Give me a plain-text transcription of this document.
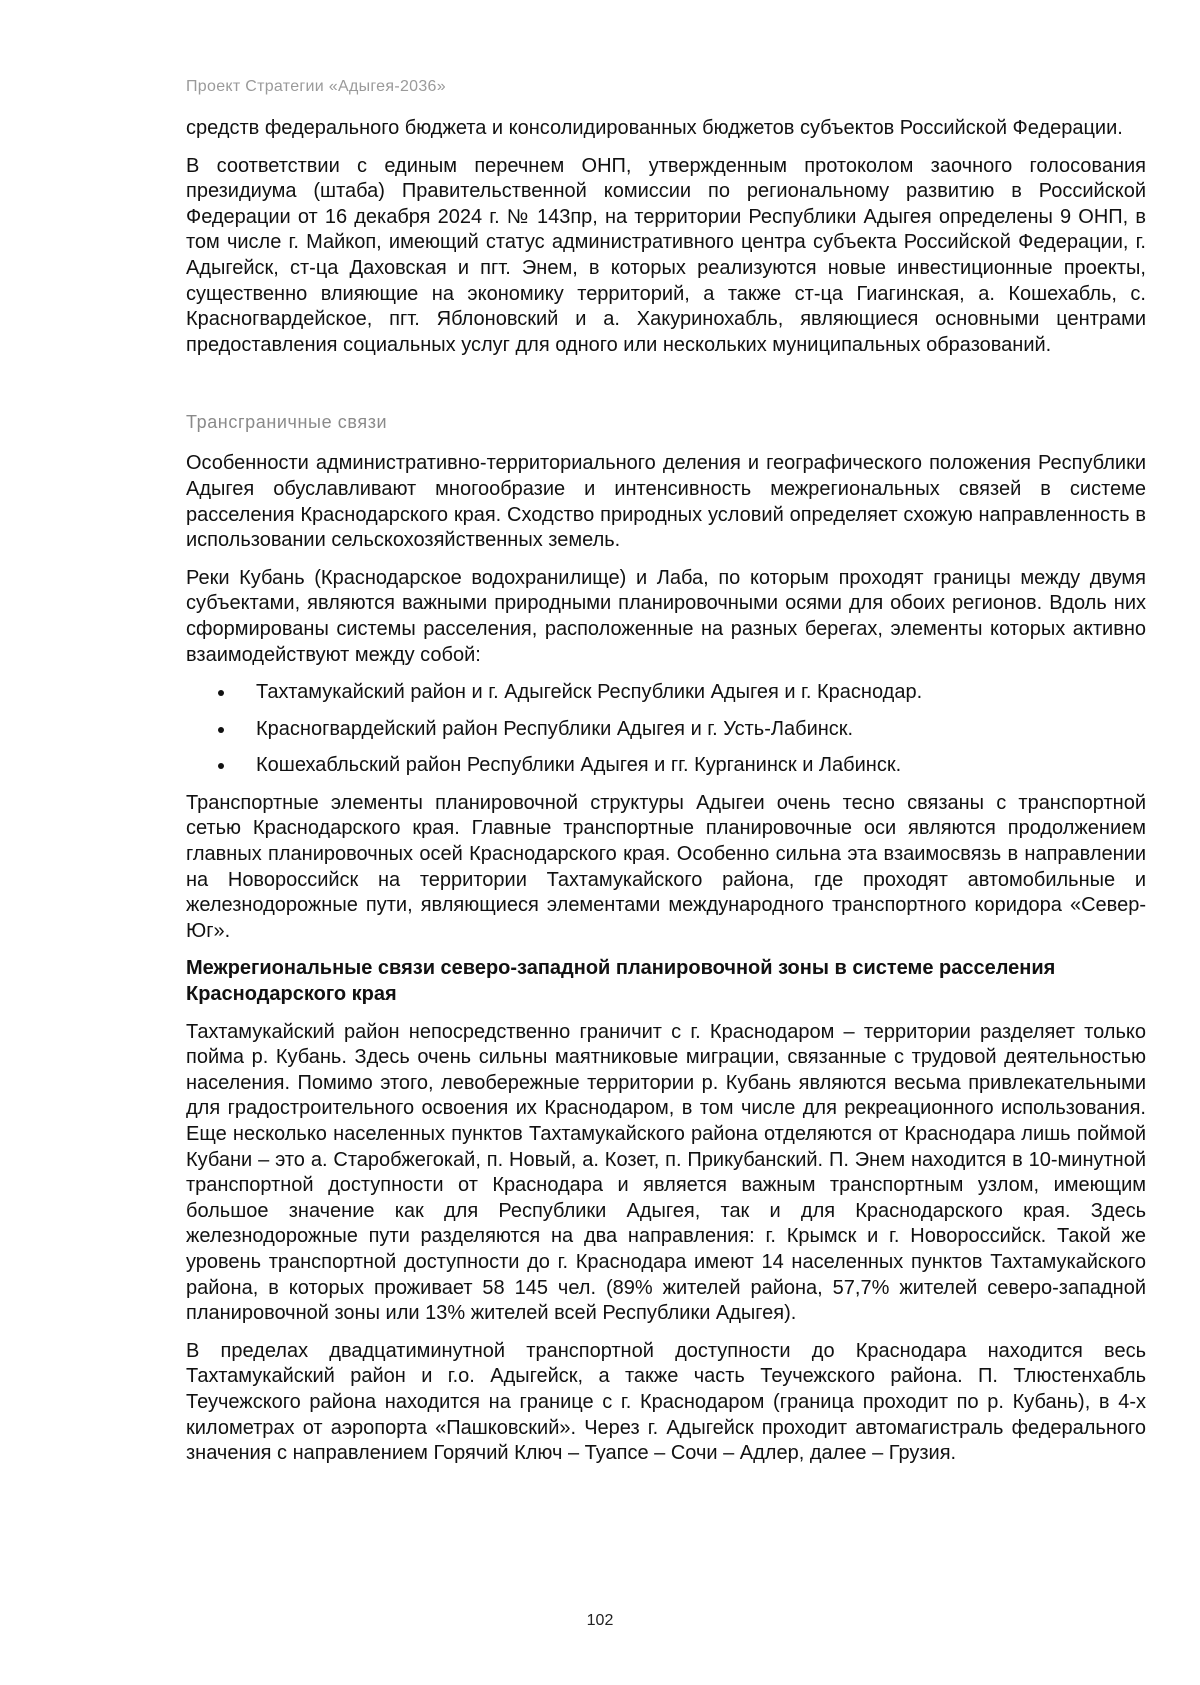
Проект Стратегии «Адыгея-2036»

средств федерального бюджета и консолидированных бюджетов субъектов Российской Федерации.

В соответствии с единым перечнем ОНП, утвержденным протоколом заочного голосования президиума (штаба) Правительственной комиссии по региональному развитию в Российской Федерации от 16 декабря 2024 г. № 143пр, на территории Республики Адыгея определены 9 ОНП, в том числе г. Майкоп, имеющий статус административного центра субъекта Российской Федерации, г. Адыгейск, ст-ца Даховская и пгт. Энем, в которых реализуются новые инвестиционные проекты, существенно влияющие на экономику территорий, а также ст-ца Гиагинская, а. Кошехабль, с. Красногвардейское, пгт. Яблоновский и а. Хакуринохабль, являющиеся основными центрами предоставления социальных услуг для одного или нескольких муниципальных образований.

Трансграничные связи

Особенности административно-территориального деления и географического положения Республики Адыгея обуславливают многообразие и интенсивность межрегиональных связей в системе расселения Краснодарского края. Сходство природных условий определяет схожую направленность в использовании сельскохозяйственных земель.

Реки Кубань (Краснодарское водохранилище) и Лаба, по которым проходят границы между двумя субъектами, являются важными природными планировочными осями для обоих регионов. Вдоль них сформированы системы расселения, расположенные на разных берегах, элементы которых активно взаимодействуют между собой:

Тахтамукайский район и г. Адыгейск Республики Адыгея и г. Краснодар.
Красногвардейский район Республики Адыгея и г. Усть-Лабинск.
Кошехабльский район Республики Адыгея и гг. Курганинск и Лабинск.

Транспортные элементы планировочной структуры Адыгеи очень тесно связаны с транспортной сетью Краснодарского края. Главные транспортные планировочные оси являются продолжением главных планировочных осей Краснодарского края. Особенно сильна эта взаимосвязь в направлении на Новороссийск на территории Тахтамукайского района, где проходят автомобильные и железнодорожные пути, являющиеся элементами международного транспортного коридора «Север-Юг».

Межрегиональные связи северо-западной планировочной зоны в системе расселения Краснодарского края

Тахтамукайский район непосредственно граничит с г. Краснодаром – территории разделяет только пойма р. Кубань. Здесь очень сильны маятниковые миграции, связанные с трудовой деятельностью населения. Помимо этого, левобережные территории р. Кубань являются весьма привлекательными для градостроительного освоения их Краснодаром, в том числе для рекреационного использования. Еще несколько населенных пунктов Тахтамукайского района отделяются от Краснодара лишь поймой Кубани – это а. Старобжегокай, п. Новый, а. Козет, п. Прикубанский. П. Энем находится в 10-минутной транспортной доступности от Краснодара и является важным транспортным узлом, имеющим большое значение как для Республики Адыгея, так и для Краснодарского края. Здесь железнодорожные пути разделяются на два направления: г. Крымск и г. Новороссийск. Такой же уровень транспортной доступности до г. Краснодара имеют 14 населенных пунктов Тахтамукайского района, в которых проживает 58 145 чел. (89% жителей района, 57,7% жителей северо-западной планировочной зоны или 13% жителей всей Республики Адыгея).

В пределах двадцатиминутной транспортной доступности до Краснодара находится весь Тахтамукайский район и г.о. Адыгейск, а также часть Теучежского района. П. Тлюстенхабль Теучежского района находится на границе с г. Краснодаром (граница проходит по р. Кубань), в 4-х километрах от аэропорта «Пашковский». Через г. Адыгейск проходит автомагистраль федерального значения с направлением Горячий Ключ – Туапсе – Сочи – Адлер, далее – Грузия.

102
